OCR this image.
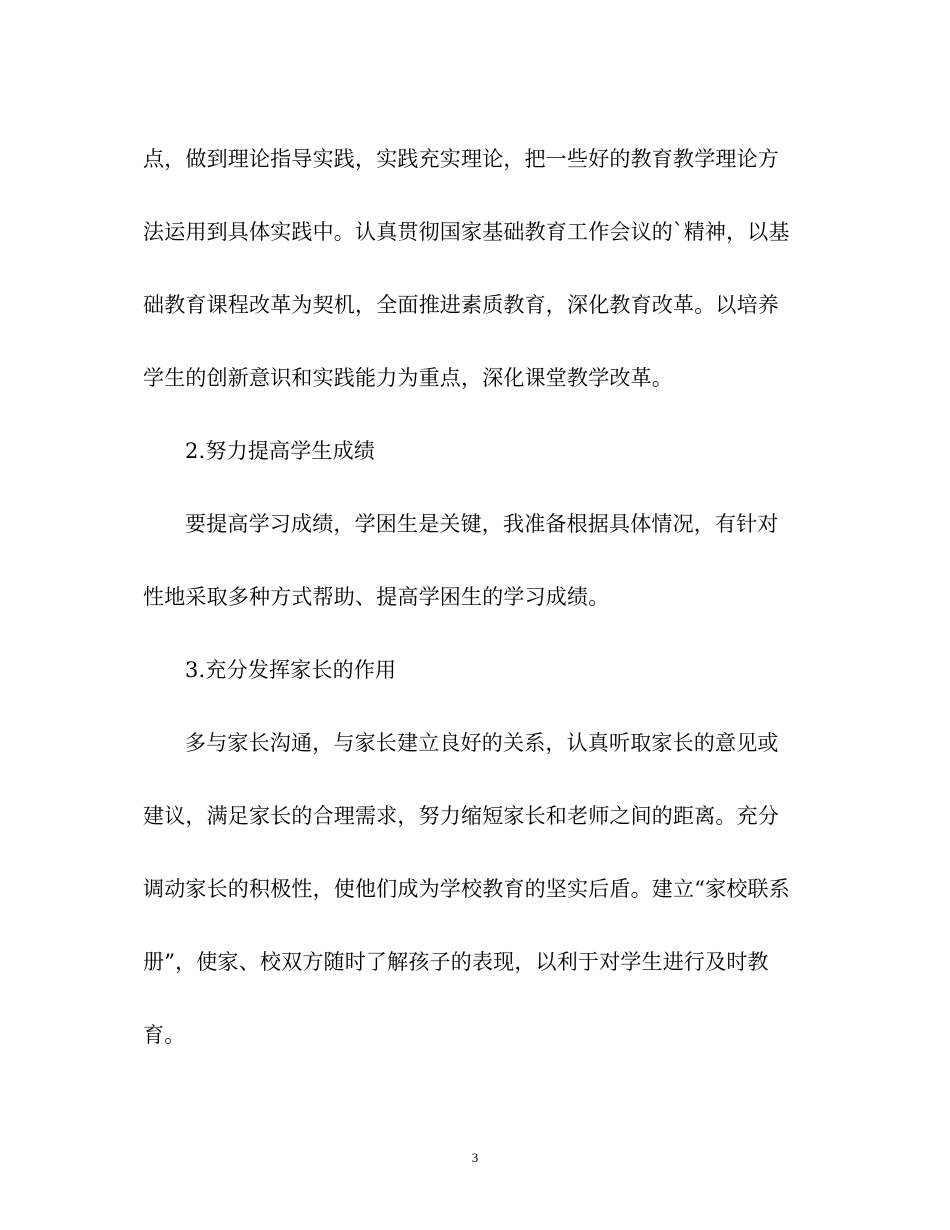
点，做到理论指导实践，实践充实理论，把一些好的教育教学理论方
法运用到具体实践中。认真贯彻国家基础教育工作会议的`精神，以基
础教育课程改革为契机，全面推进素质教育，深化教育改革。以培养
学生的创新意识和实践能力为重点，深化课堂教学改革。
2.努力提高学生成绩
要提高学习成绩，学困生是关键，我准备根据具体情况，有针对
性地采取多种方式帮助、提高学困生的学习成绩。
3.充分发挥家长的作用
多与家长沟通，与家长建立良好的关系，认真听取家长的意见或
建议，满足家长的合理需求，努力缩短家长和老师之间的距离。充分
调动家长的积极性，使他们成为学校教育的坚实后盾。建立“家校联系
册”，使家、校双方随时了解孩子的表现，以利于对学生进行及时教
育。
3
